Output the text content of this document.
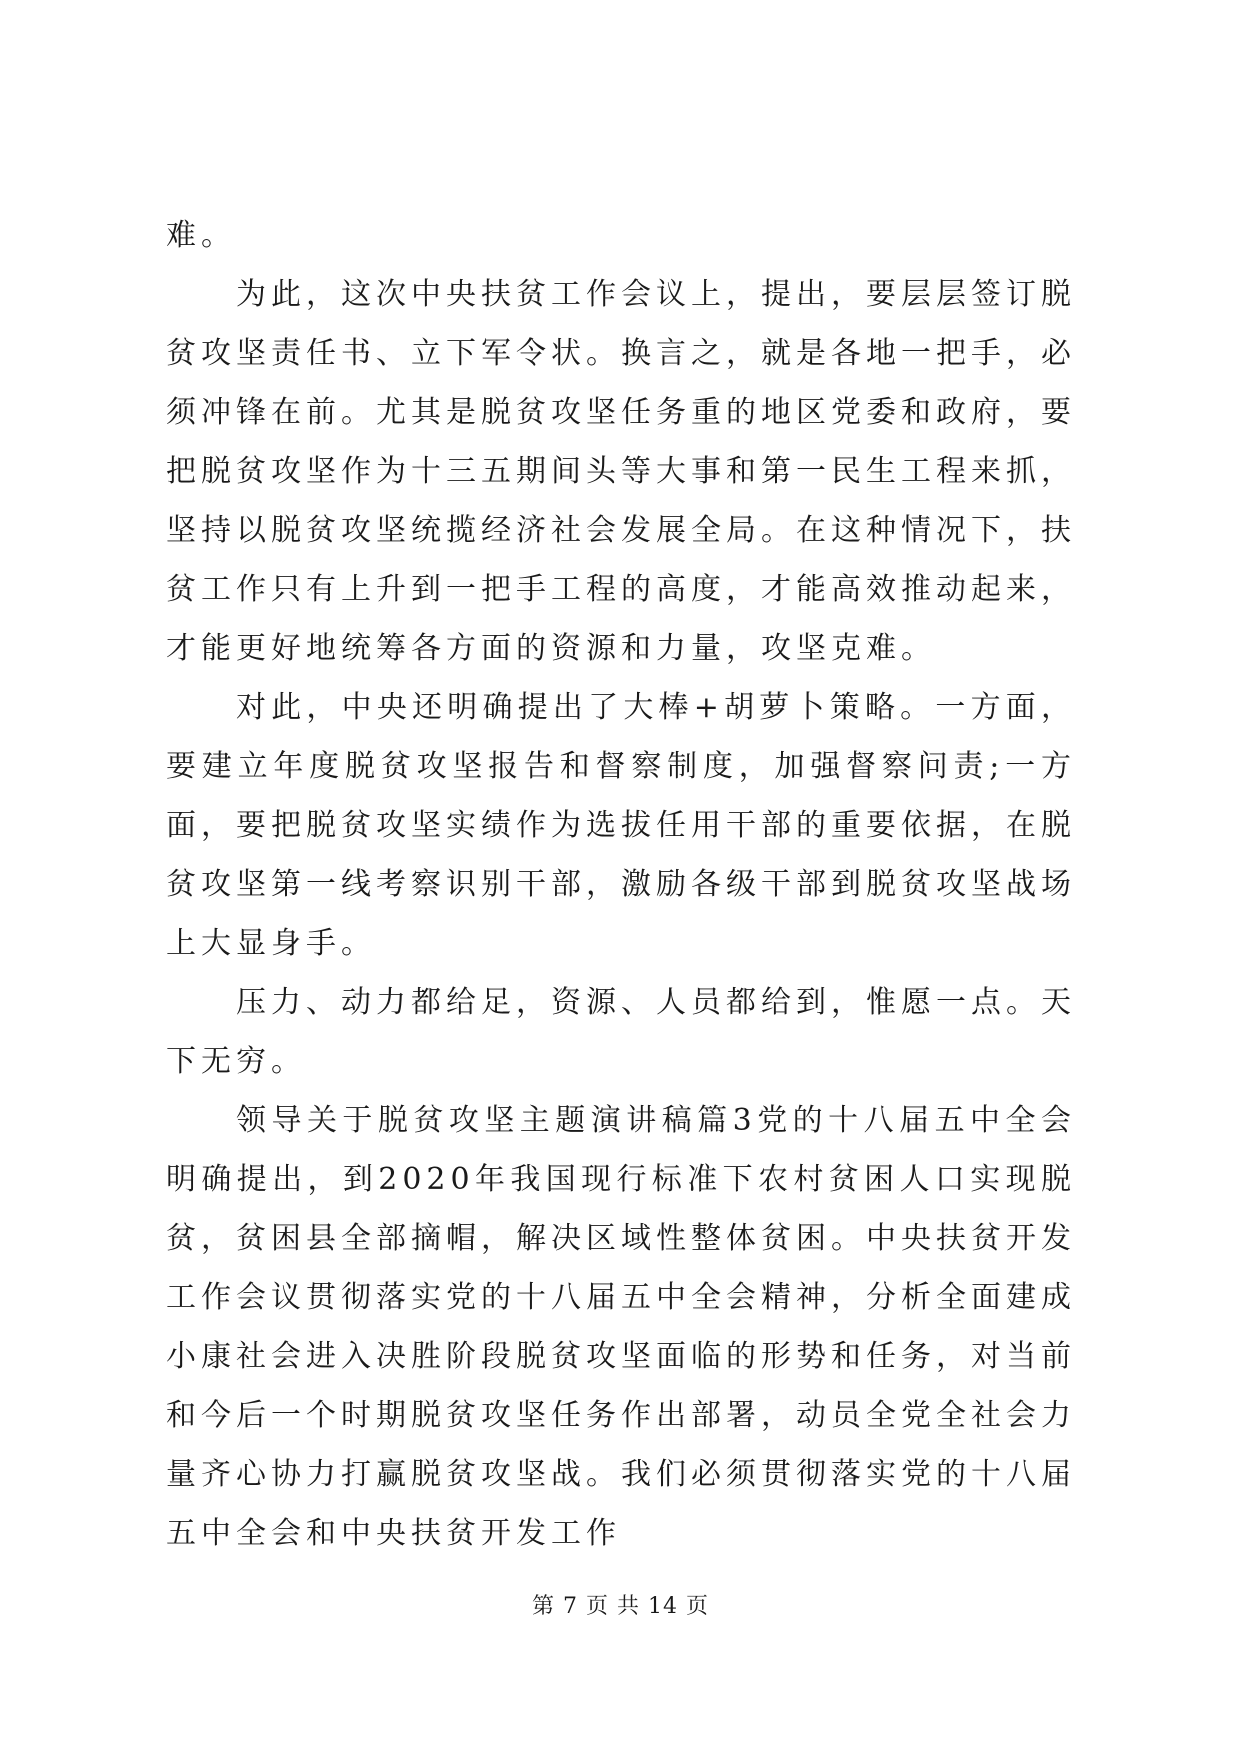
难。

为此，这次中央扶贫工作会议上，提出，要层层签订脱贫攻坚责任书、立下军令状。换言之，就是各地一把手，必须冲锋在前。尤其是脱贫攻坚任务重的地区党委和政府，要把脱贫攻坚作为十三五期间头等大事和第一民生工程来抓，坚持以脱贫攻坚统揽经济社会发展全局。在这种情况下，扶贫工作只有上升到一把手工程的高度，才能高效推动起来，才能更好地统筹各方面的资源和力量，攻坚克难。

对此，中央还明确提出了大棒+胡萝卜策略。一方面，要建立年度脱贫攻坚报告和督察制度，加强督察问责;一方面，要把脱贫攻坚实绩作为选拔任用干部的重要依据，在脱贫攻坚第一线考察识别干部，激励各级干部到脱贫攻坚战场上大显身手。

压力、动力都给足，资源、人员都给到，惟愿一点。天下无穷。

领导关于脱贫攻坚主题演讲稿篇3党的十八届五中全会明确提出，到2020年我国现行标准下农村贫困人口实现脱贫，贫困县全部摘帽，解决区域性整体贫困。中央扶贫开发工作会议贯彻落实党的十八届五中全会精神，分析全面建成小康社会进入决胜阶段脱贫攻坚面临的形势和任务，对当前和今后一个时期脱贫攻坚任务作出部署，动员全党全社会力量齐心协力打赢脱贫攻坚战。我们必须贯彻落实党的十八届五中全会和中央扶贫开发工作

第 7 页 共 14 页
